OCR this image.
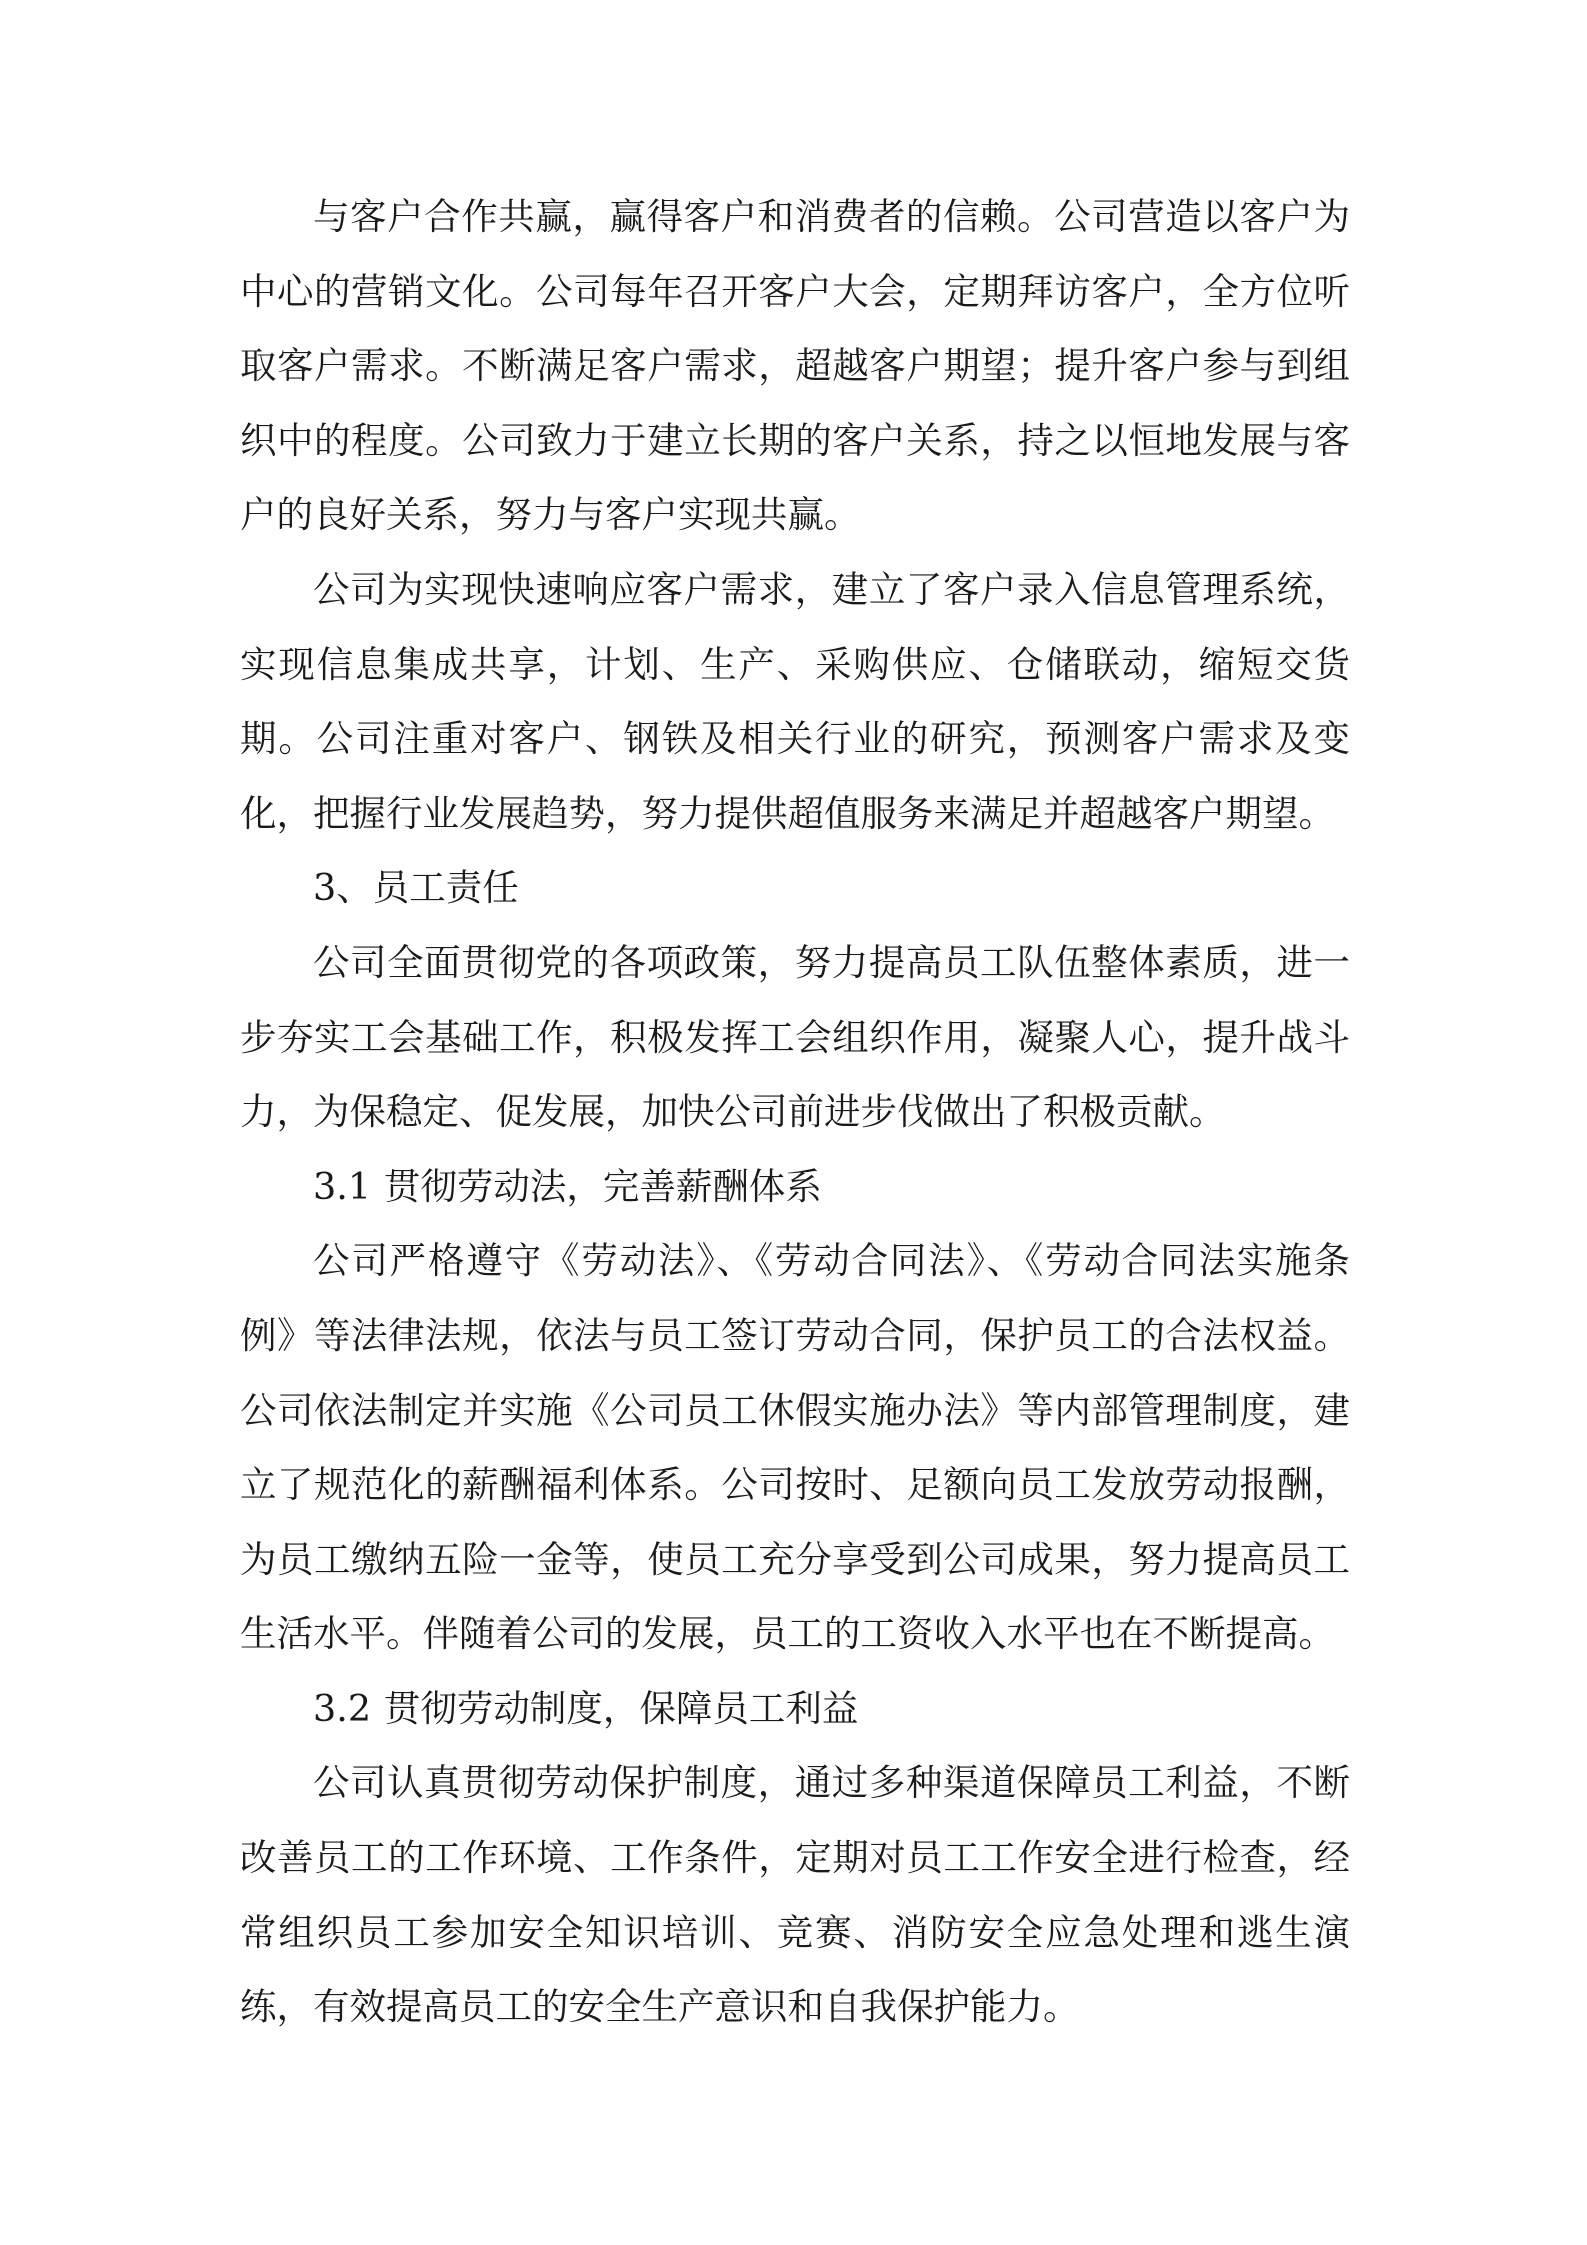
与客户合作共赢，赢得客户和消费者的信赖。公司营造以客户为中心的营销文化。公司每年召开客户大会，定期拜访客户，全方位听取客户需求。不断满足客户需求，超越客户期望；提升客户参与到组织中的程度。公司致力于建立长期的客户关系，持之以恒地发展与客户的良好关系，努力与客户实现共赢。

公司为实现快速响应客户需求，建立了客户录入信息管理系统，实现信息集成共享，计划、生产、采购供应、仓储联动，缩短交货期。公司注重对客户、钢铁及相关行业的研究，预测客户需求及变化，把握行业发展趋势，努力提供超值服务来满足并超越客户期望。

3、员工责任

公司全面贯彻党的各项政策，努力提高员工队伍整体素质，进一步夯实工会基础工作，积极发挥工会组织作用，凝聚人心，提升战斗力，为保稳定、促发展，加快公司前进步伐做出了积极贡献。

3.1 贯彻劳动法，完善薪酬体系

公司严格遵守《劳动法》、《劳动合同法》、《劳动合同法实施条例》等法律法规，依法与员工签订劳动合同，保护员工的合法权益。公司依法制定并实施《公司员工休假实施办法》等内部管理制度，建立了规范化的薪酬福利体系。公司按时、足额向员工发放劳动报酬，为员工缴纳五险一金等，使员工充分享受到公司成果，努力提高员工生活水平。伴随着公司的发展，员工的工资收入水平也在不断提高。

3.2 贯彻劳动制度，保障员工利益

公司认真贯彻劳动保护制度，通过多种渠道保障员工利益，不断改善员工的工作环境、工作条件，定期对员工工作安全进行检查，经常组织员工参加安全知识培训、竞赛、消防安全应急处理和逃生演练，有效提高员工的安全生产意识和自我保护能力。
